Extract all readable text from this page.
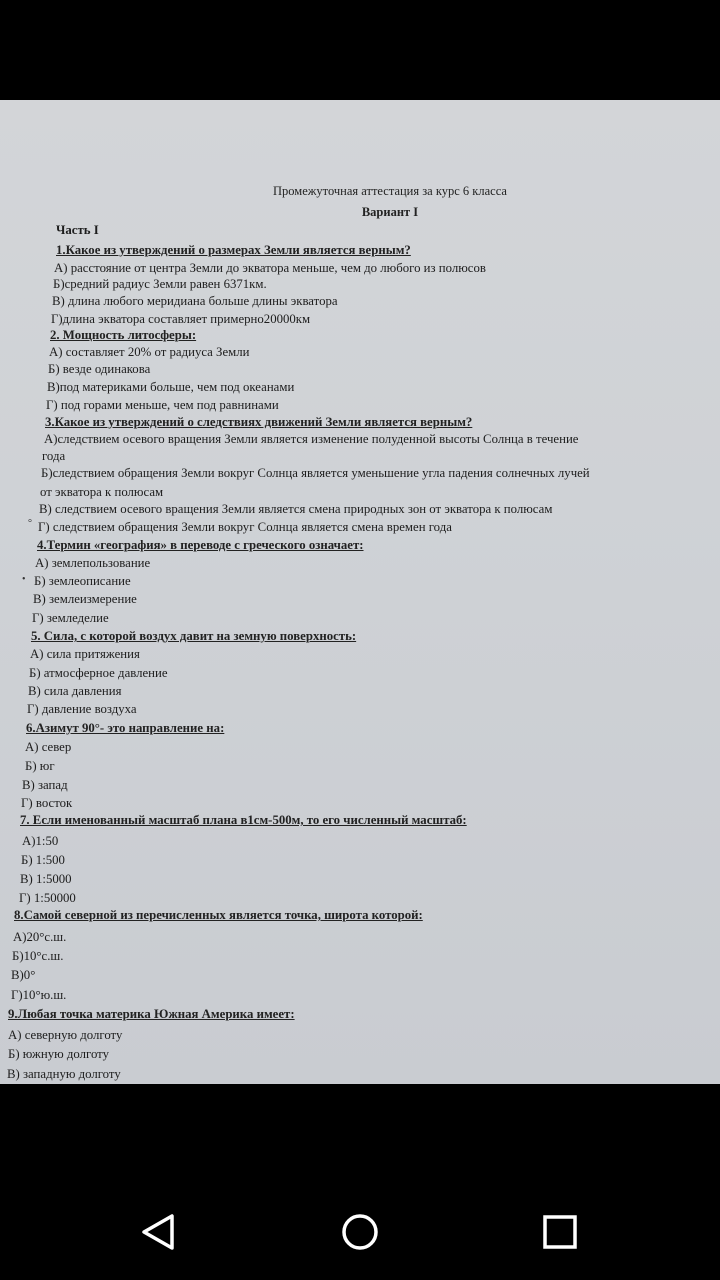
Промежуточная аттестация за курс 6 класса
Вариант I
Часть I
1.Какое из утверждений о размерах Земли является верным?
А) расстояние от центра Земли до экватора меньше, чем до любого из полюсов
Б)средний радиус Земли равен 6371км.
В) длина любого меридиана больше длины экватора
Г)длина экватора составляет примерно20000км
2. Мощность литосферы:
А) составляет 20% от радиуса Земли
Б) везде одинакова
В)под материками больше, чем под океанами
Г) под горами меньше, чем под равнинами
3.Какое из утверждений о следствиях движений Земли является верным?
А)следствием осевого вращения Земли является изменение полуденной высоты Солнца в течение
года
Б)следствием обращения Земли вокруг Солнца является уменьшение угла падения солнечных лучей
от экватора к полюсам
В) следствием осевого вращения Земли является смена природных зон от экватора к полюсам
° Г) следствием обращения Земли вокруг Солнца является смена времен года
4.Термин «география» в переводе с греческого означает:
А) землепользование
• Б) землеописание
В) землеизмерение
Г) земледелие
5. Сила, с которой воздух давит на земную поверхность:
А) сила притяжения
Б) атмосферное давление
В) сила давления
Г) давление воздуха
6.Азимут 90°- это направление на:
А) север
Б) юг
В) запад
Г) восток
7. Если именованный масштаб плана в1см-500м, то его численный масштаб:
А)1:50
Б) 1:500
В) 1:5000
Г) 1:50000
8.Самой северной из перечисленных является точка, широта которой:
А)20°с.ш.
Б)10°с.ш.
В)0°
Г)10°ю.ш.
9.Любая точка материка Южная Америка имеет:
А) северную долготу
Б) южную долготу
В) западную долготу
